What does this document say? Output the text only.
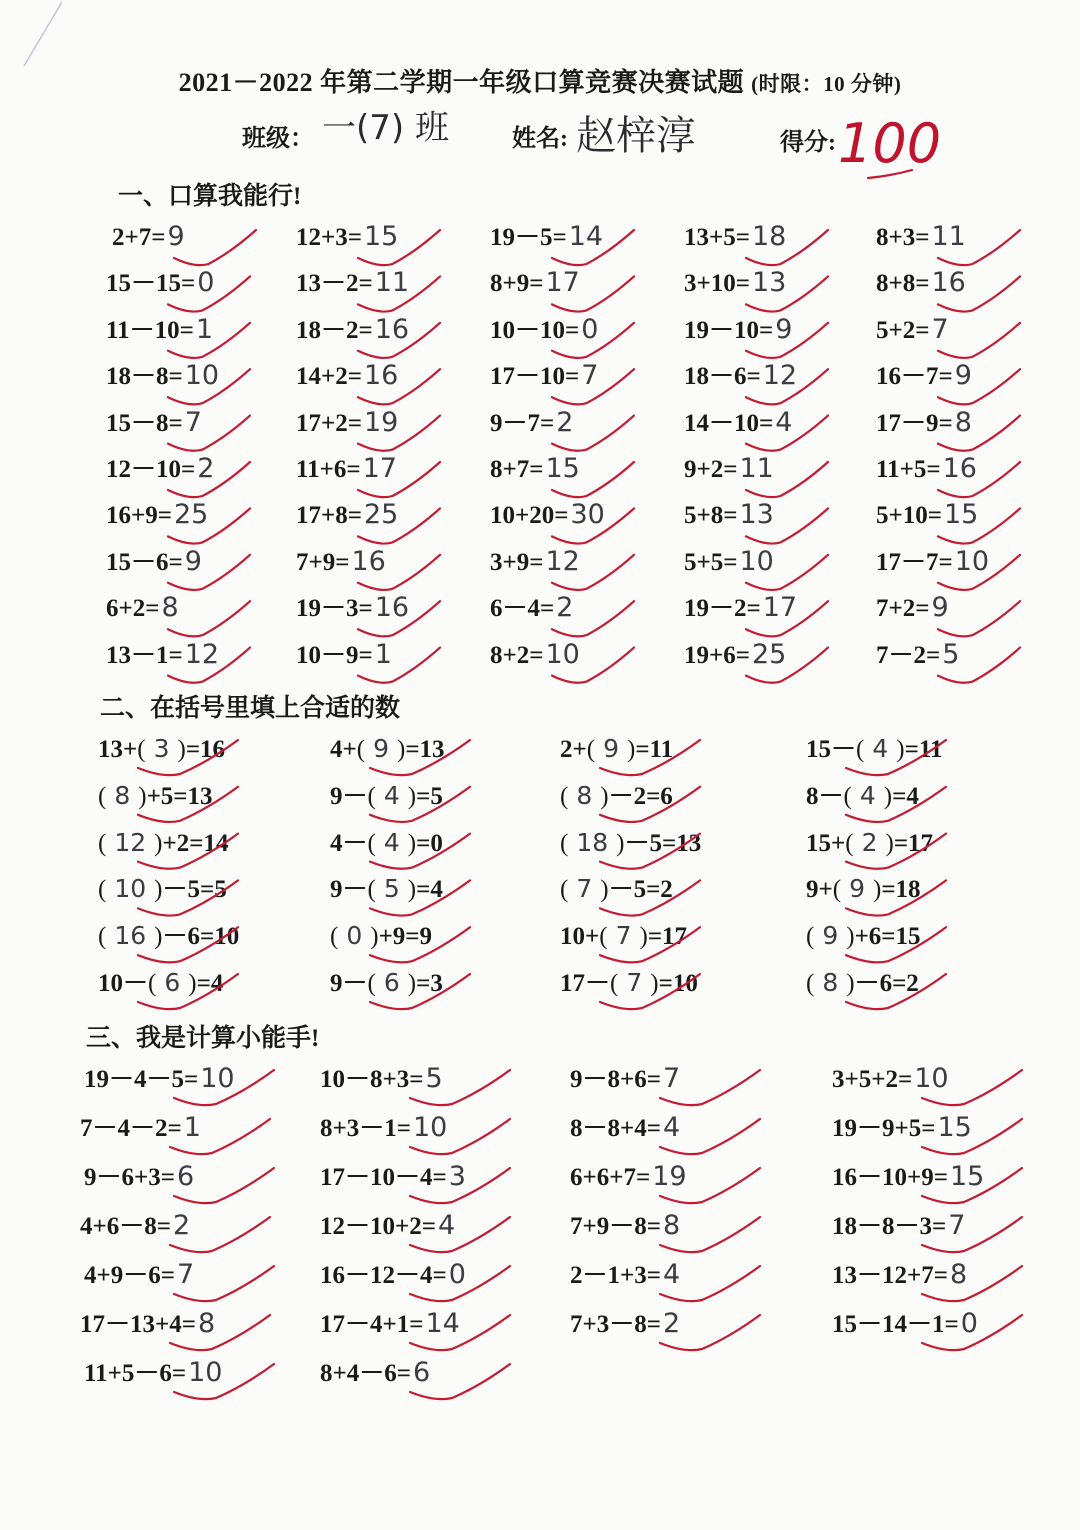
2021－2022 年第二学期一年级口算竞赛决赛试题 (时限：10 分钟)
班级： 一(7) 班	姓名: 赵梓淳	得分: 100
一、口算我能行!
二、在括号里填上合适的数
三、我是计算小能手!
2+7=9	12+3=15	19－5=14	13+5=18	8+3=11
15－15=0	13－2=11	8+9=17	3+10=13	8+8=16
11－10=1	18－2=16	10－10=0	19－10=9	5+2=7
18－8=10	14+2=16	17－10=7	18－6=12	16－7=9
15－8=7	17+2=19	9－7=2	14－10=4	17－9=8
12－10=2	11+6=17	8+7=15	9+2=11	11+5=16
16+9=25	17+8=25	10+20=30	5+8=13	5+10=15
15－6=9	7+9=16	3+9=12	5+5=10	17－7=10
6+2=8	19－3=16	6－4=2	19－2=17	7+2=9
13－1=12	10－9=1	8+2=10	19+6=25	7－2=5
13+( 3 )=16	4+( 9 )=13	2+( 9 )=11	15－( 4 )=11
( 8 )+5=13	9－( 4 )=5	( 8 )－2=6	8－( 4 )=4
( 12 )+2=14	4－( 4 )=0	( 18 )－5=13	15+( 2 )=17
( 10 )－5=5	9－( 5 )=4	( 7 )－5=2	9+( 9 )=18
( 16 )－6=10	( 0 )+9=9	10+( 7 )=17	( 9 )+6=15
10－( 6 )=4	9－( 6 )=3	17－( 7 )=10	( 8 )－6=2
19－4－5=10	10－8+3=5	9－8+6=7	3+5+2=10
7－4－2=1	8+3－1=10	8－8+4=4	19－9+5=15
9－6+3=6	17－10－4=3	6+6+7=19	16－10+9=15
4+6－8=2	12－10+2=4	7+9－8=8	18－8－3=7
4+9－6=7	16－12－4=0	2－1+3=4	13－12+7=8
17－13+4=8	17－4+1=14	7+3－8=2	15－14－1=0
11+5－6=10	8+4－6=6
